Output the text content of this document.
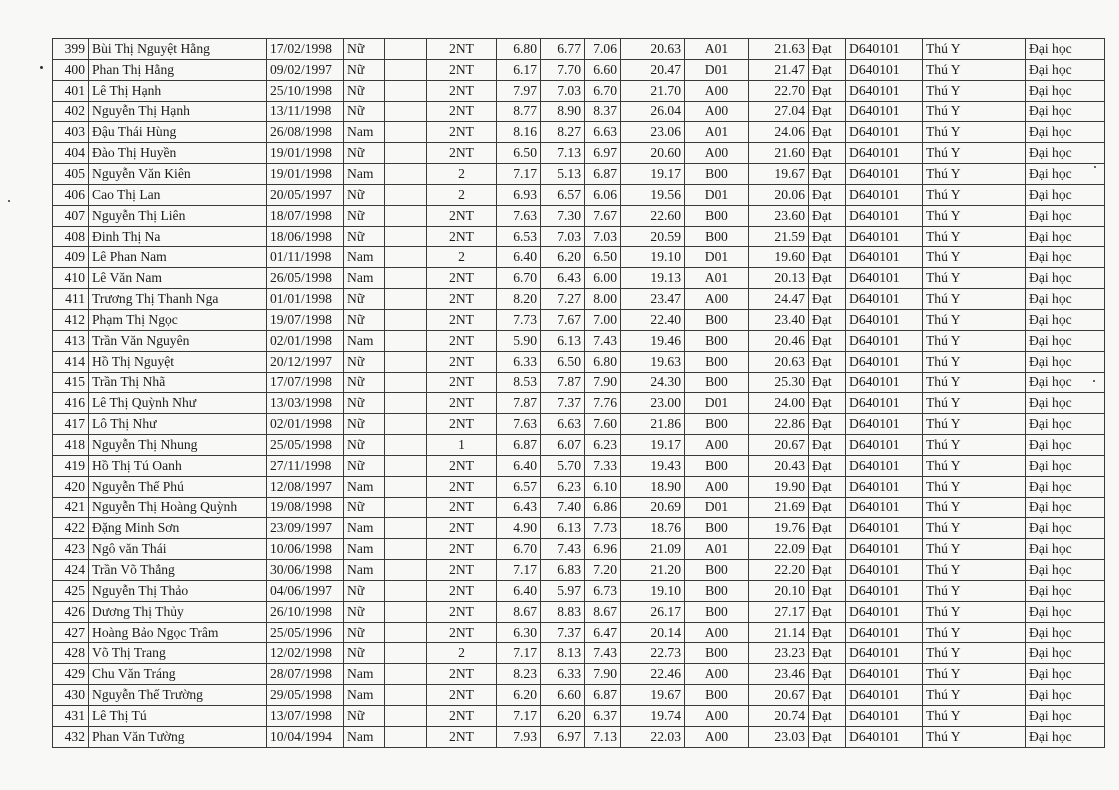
399	Bùi Thị Nguyệt Hằng	17/02/1998	Nữ		2NT	6.80	6.77	7.06	20.63	A01	21.63	Đạt	D640101	Thú Y	Đại học
400	Phan Thị Hằng	09/02/1997	Nữ		2NT	6.17	7.70	6.60	20.47	D01	21.47	Đạt	D640101	Thú Y	Đại học
401	Lê Thị Hạnh	25/10/1998	Nữ		2NT	7.97	7.03	6.70	21.70	A00	22.70	Đạt	D640101	Thú Y	Đại học
402	Nguyễn Thị Hạnh	13/11/1998	Nữ		2NT	8.77	8.90	8.37	26.04	A00	27.04	Đạt	D640101	Thú Y	Đại học
403	Đậu Thái Hùng	26/08/1998	Nam		2NT	8.16	8.27	6.63	23.06	A01	24.06	Đạt	D640101	Thú Y	Đại học
404	Đào Thị Huyền	19/01/1998	Nữ		2NT	6.50	7.13	6.97	20.60	A00	21.60	Đạt	D640101	Thú Y	Đại học
405	Nguyễn Văn Kiên	19/01/1998	Nam		2	7.17	5.13	6.87	19.17	B00	19.67	Đạt	D640101	Thú Y	Đại học
406	Cao Thị Lan	20/05/1997	Nữ		2	6.93	6.57	6.06	19.56	D01	20.06	Đạt	D640101	Thú Y	Đại học
407	Nguyễn Thị Liên	18/07/1998	Nữ		2NT	7.63	7.30	7.67	22.60	B00	23.60	Đạt	D640101	Thú Y	Đại học
408	Đinh Thị Na	18/06/1998	Nữ		2NT	6.53	7.03	7.03	20.59	B00	21.59	Đạt	D640101	Thú Y	Đại học
409	Lê Phan Nam	01/11/1998	Nam		2	6.40	6.20	6.50	19.10	D01	19.60	Đạt	D640101	Thú Y	Đại học
410	Lê Văn Nam	26/05/1998	Nam		2NT	6.70	6.43	6.00	19.13	A01	20.13	Đạt	D640101	Thú Y	Đại học
411	Trương Thị Thanh Nga	01/01/1998	Nữ		2NT	8.20	7.27	8.00	23.47	A00	24.47	Đạt	D640101	Thú Y	Đại học
412	Phạm Thị Ngọc	19/07/1998	Nữ		2NT	7.73	7.67	7.00	22.40	B00	23.40	Đạt	D640101	Thú Y	Đại học
413	Trần Văn Nguyên	02/01/1998	Nam		2NT	5.90	6.13	7.43	19.46	B00	20.46	Đạt	D640101	Thú Y	Đại học
414	Hồ Thị Nguyệt	20/12/1997	Nữ		2NT	6.33	6.50	6.80	19.63	B00	20.63	Đạt	D640101	Thú Y	Đại học
415	Trần Thị Nhã	17/07/1998	Nữ		2NT	8.53	7.87	7.90	24.30	B00	25.30	Đạt	D640101	Thú Y	Đại học
416	Lê Thị Quỳnh Như	13/03/1998	Nữ		2NT	7.87	7.37	7.76	23.00	D01	24.00	Đạt	D640101	Thú Y	Đại học
417	Lô Thị Như	02/01/1998	Nữ		2NT	7.63	6.63	7.60	21.86	B00	22.86	Đạt	D640101	Thú Y	Đại học
418	Nguyễn Thị Nhung	25/05/1998	Nữ		1	6.87	6.07	6.23	19.17	A00	20.67	Đạt	D640101	Thú Y	Đại học
419	Hồ Thị Tú Oanh	27/11/1998	Nữ		2NT	6.40	5.70	7.33	19.43	B00	20.43	Đạt	D640101	Thú Y	Đại học
420	Nguyễn Thế Phú	12/08/1997	Nam		2NT	6.57	6.23	6.10	18.90	A00	19.90	Đạt	D640101	Thú Y	Đại học
421	Nguyễn Thị Hoàng Quỳnh	19/08/1998	Nữ		2NT	6.43	7.40	6.86	20.69	D01	21.69	Đạt	D640101	Thú Y	Đại học
422	Đặng Minh Sơn	23/09/1997	Nam		2NT	4.90	6.13	7.73	18.76	B00	19.76	Đạt	D640101	Thú Y	Đại học
423	Ngô văn Thái	10/06/1998	Nam		2NT	6.70	7.43	6.96	21.09	A01	22.09	Đạt	D640101	Thú Y	Đại học
424	Trần Võ Thắng	30/06/1998	Nam		2NT	7.17	6.83	7.20	21.20	B00	22.20	Đạt	D640101	Thú Y	Đại học
425	Nguyễn Thị Thảo	04/06/1997	Nữ		2NT	6.40	5.97	6.73	19.10	B00	20.10	Đạt	D640101	Thú Y	Đại học
426	Dương Thị Thủy	26/10/1998	Nữ		2NT	8.67	8.83	8.67	26.17	B00	27.17	Đạt	D640101	Thú Y	Đại học
427	Hoàng Bảo Ngọc Trâm	25/05/1996	Nữ		2NT	6.30	7.37	6.47	20.14	A00	21.14	Đạt	D640101	Thú Y	Đại học
428	Võ Thị Trang	12/02/1998	Nữ		2	7.17	8.13	7.43	22.73	B00	23.23	Đạt	D640101	Thú Y	Đại học
429	Chu Văn Tráng	28/07/1998	Nam		2NT	8.23	6.33	7.90	22.46	A00	23.46	Đạt	D640101	Thú Y	Đại học
430	Nguyễn Thế Trường	29/05/1998	Nam		2NT	6.20	6.60	6.87	19.67	B00	20.67	Đạt	D640101	Thú Y	Đại học
431	Lê Thị Tú	13/07/1998	Nữ		2NT	7.17	6.20	6.37	19.74	A00	20.74	Đạt	D640101	Thú Y	Đại học
432	Phan Văn Tường	10/04/1994	Nam		2NT	7.93	6.97	7.13	22.03	A00	23.03	Đạt	D640101	Thú Y	Đại học
